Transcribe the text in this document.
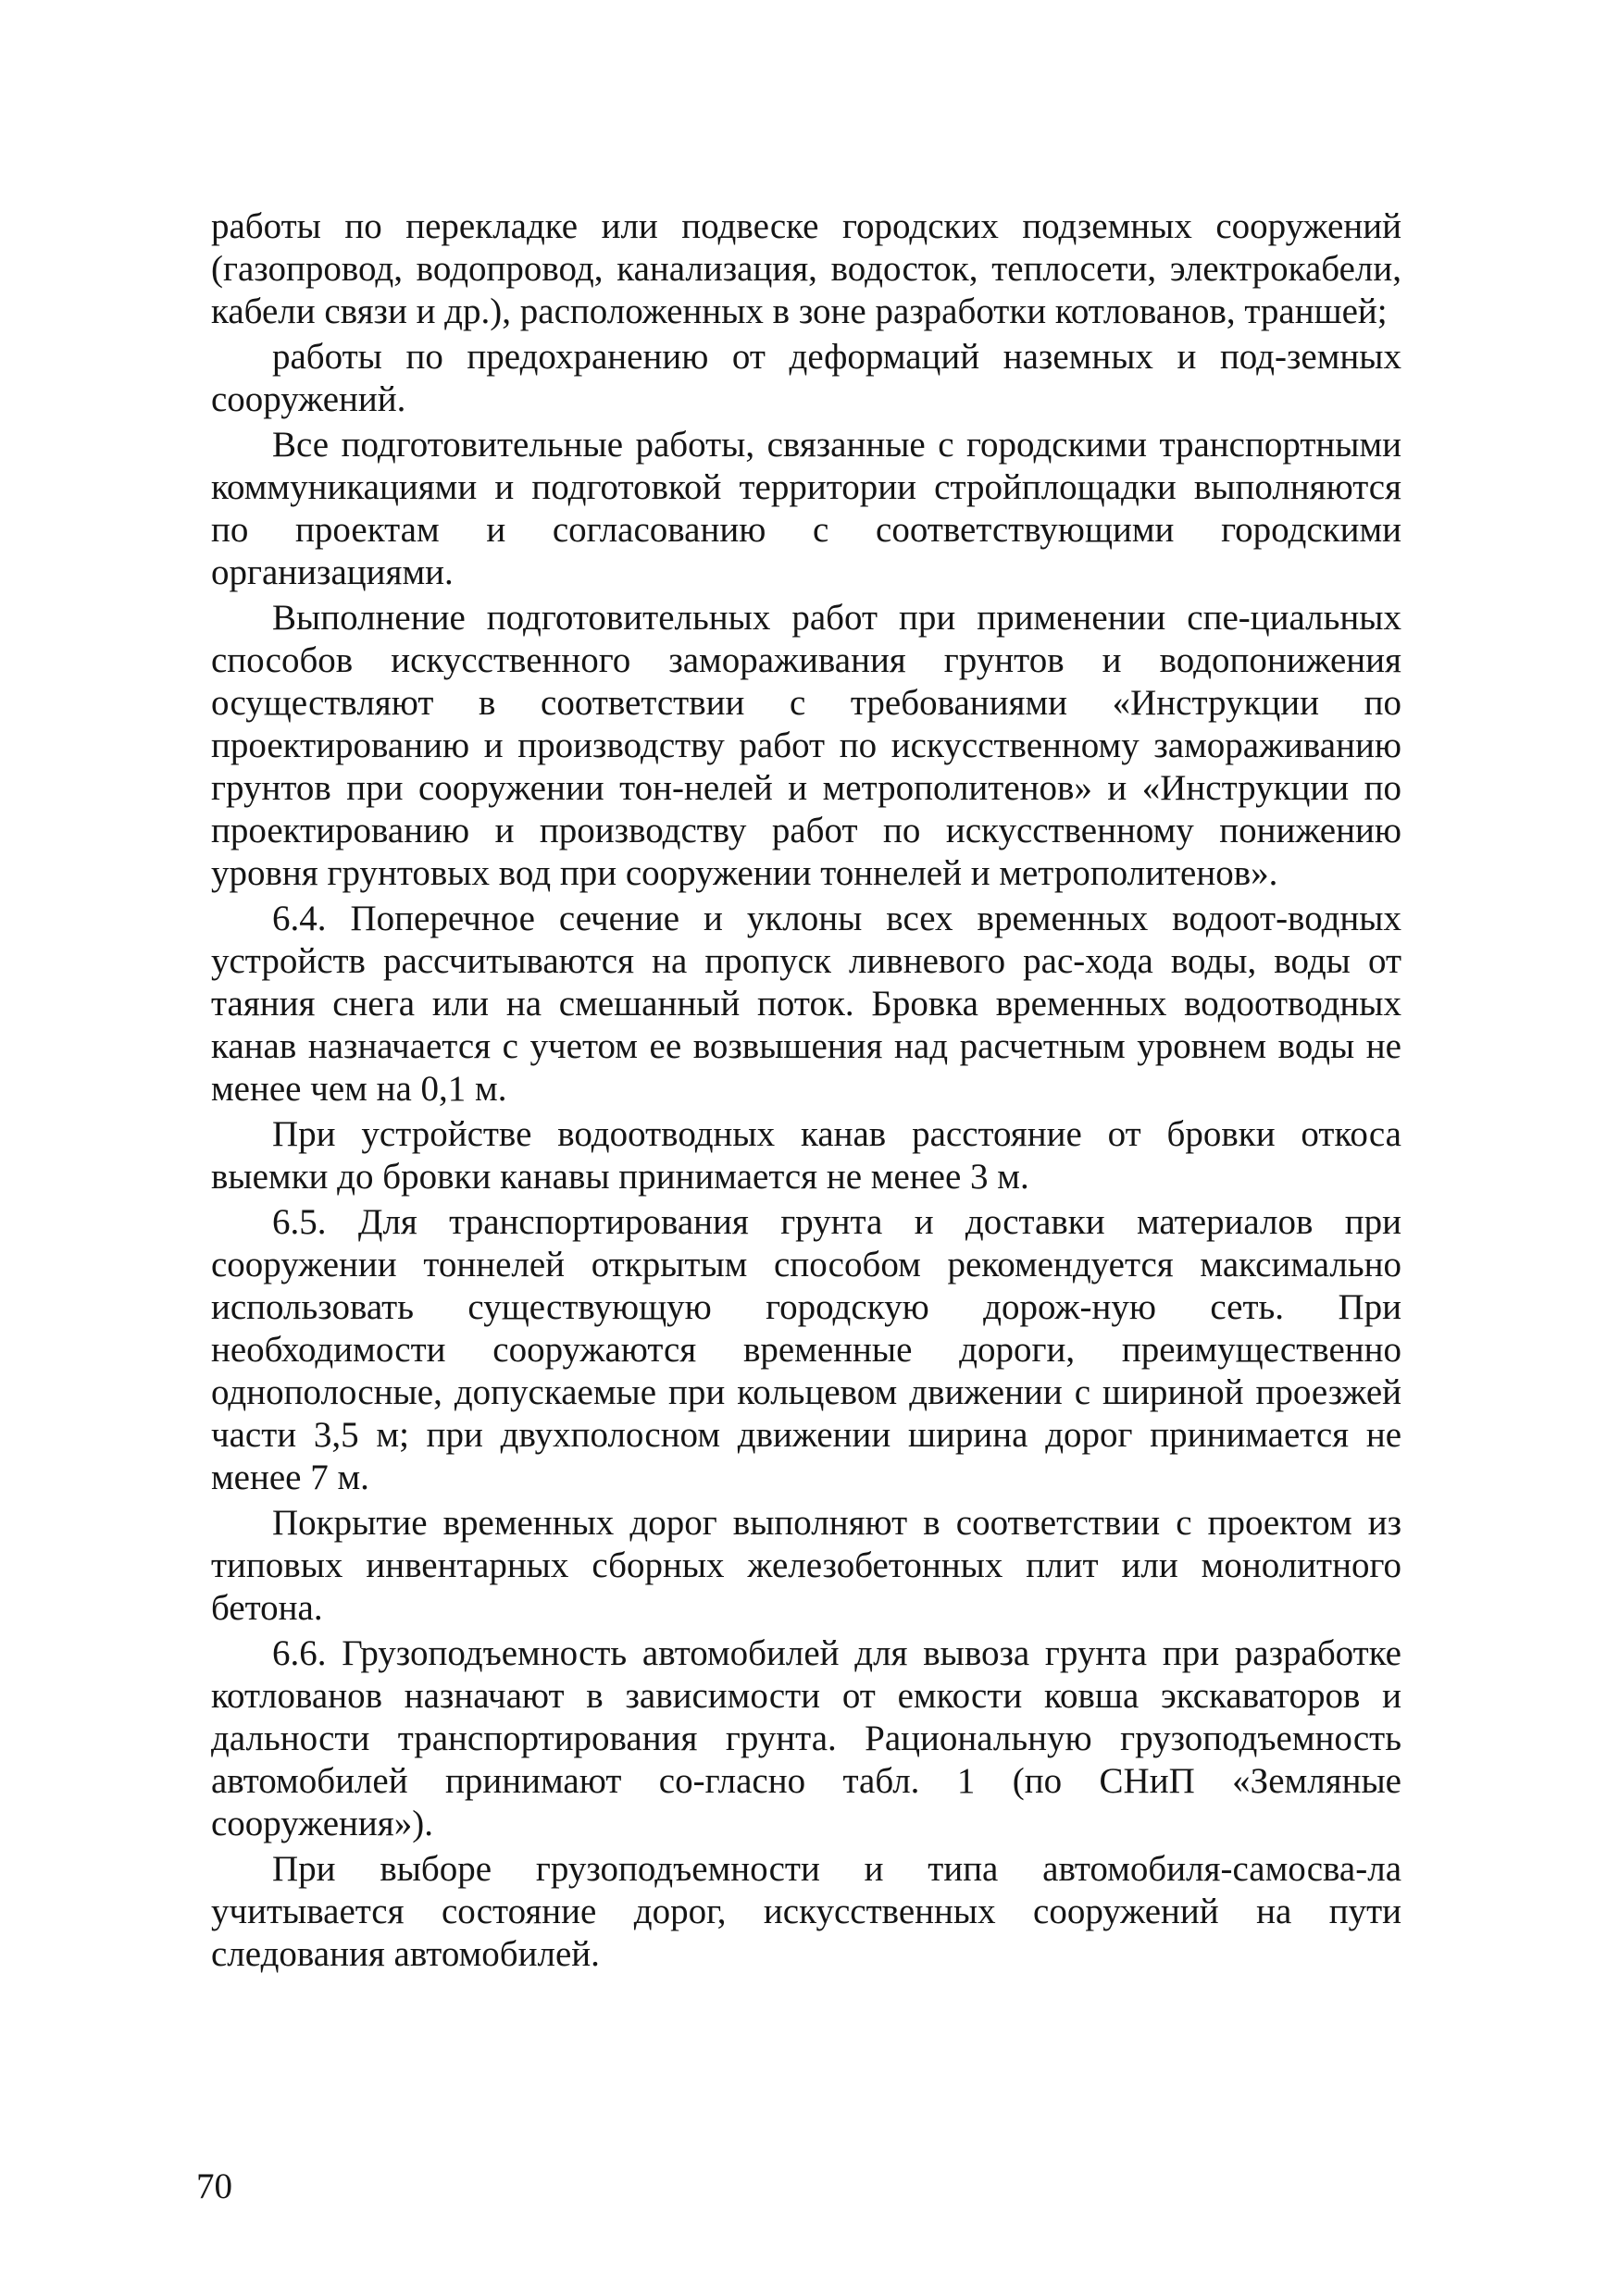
работы по перекладке или подвеске городских подземных сооружений (газопровод, водопровод, канализация, водосток, теплосети, электрокабели, кабели связи и др.), расположенных в зоне разработки котлованов, траншей;

работы по предохранению от деформаций наземных и под-земных сооружений.

Все подготовительные работы, связанные с городскими транспортными коммуникациями и подготовкой территории стройплощадки выполняются по проектам и согласованию с соответствующими городскими организациями.

Выполнение подготовительных работ при применении спе-циальных способов искусственного замораживания грунтов и водопонижения осуществляют в соответствии с требованиями «Инструкции по проектированию и производству работ по искусственному замораживанию грунтов при сооружении тон-нелей и метрополитенов» и «Инструкции по проектированию и производству работ по искусственному понижению уровня грунтовых вод при сооружении тоннелей и метрополитенов».

6.4. Поперечное сечение и уклоны всех временных водоот-водных устройств рассчитываются на пропуск ливневого рас-хода воды, воды от таяния снега или на смешанный поток. Бровка временных водоотводных канав назначается с учетом ее возвышения над расчетным уровнем воды не менее чем на 0,1 м.

При устройстве водоотводных канав расстояние от бровки откоса выемки до бровки канавы принимается не менее 3 м.

6.5. Для транспортирования грунта и доставки материалов при сооружении тоннелей открытым способом рекомендуется максимально использовать существующую городскую дорож-ную сеть. При необходимости сооружаются временные дороги, преимущественно однополосные, допускаемые при кольцевом движении с шириной проезжей части 3,5 м; при двухполосном движении ширина дорог принимается не менее 7 м.

Покрытие временных дорог выполняют в соответствии с проектом из типовых инвентарных сборных железобетонных плит или монолитного бетона.

6.6. Грузоподъемность автомобилей для вывоза грунта при разработке котлованов назначают в зависимости от емкости ковша экскаваторов и дальности транспортирования грунта. Рациональную грузоподъемность автомобилей принимают со-гласно табл. 1 (по СНиП «Земляные сооружения»).

При выборе грузоподъемности и типа автомобиля-самосва-ла учитывается состояние дорог, искусственных сооружений на пути следования автомобилей.

70
